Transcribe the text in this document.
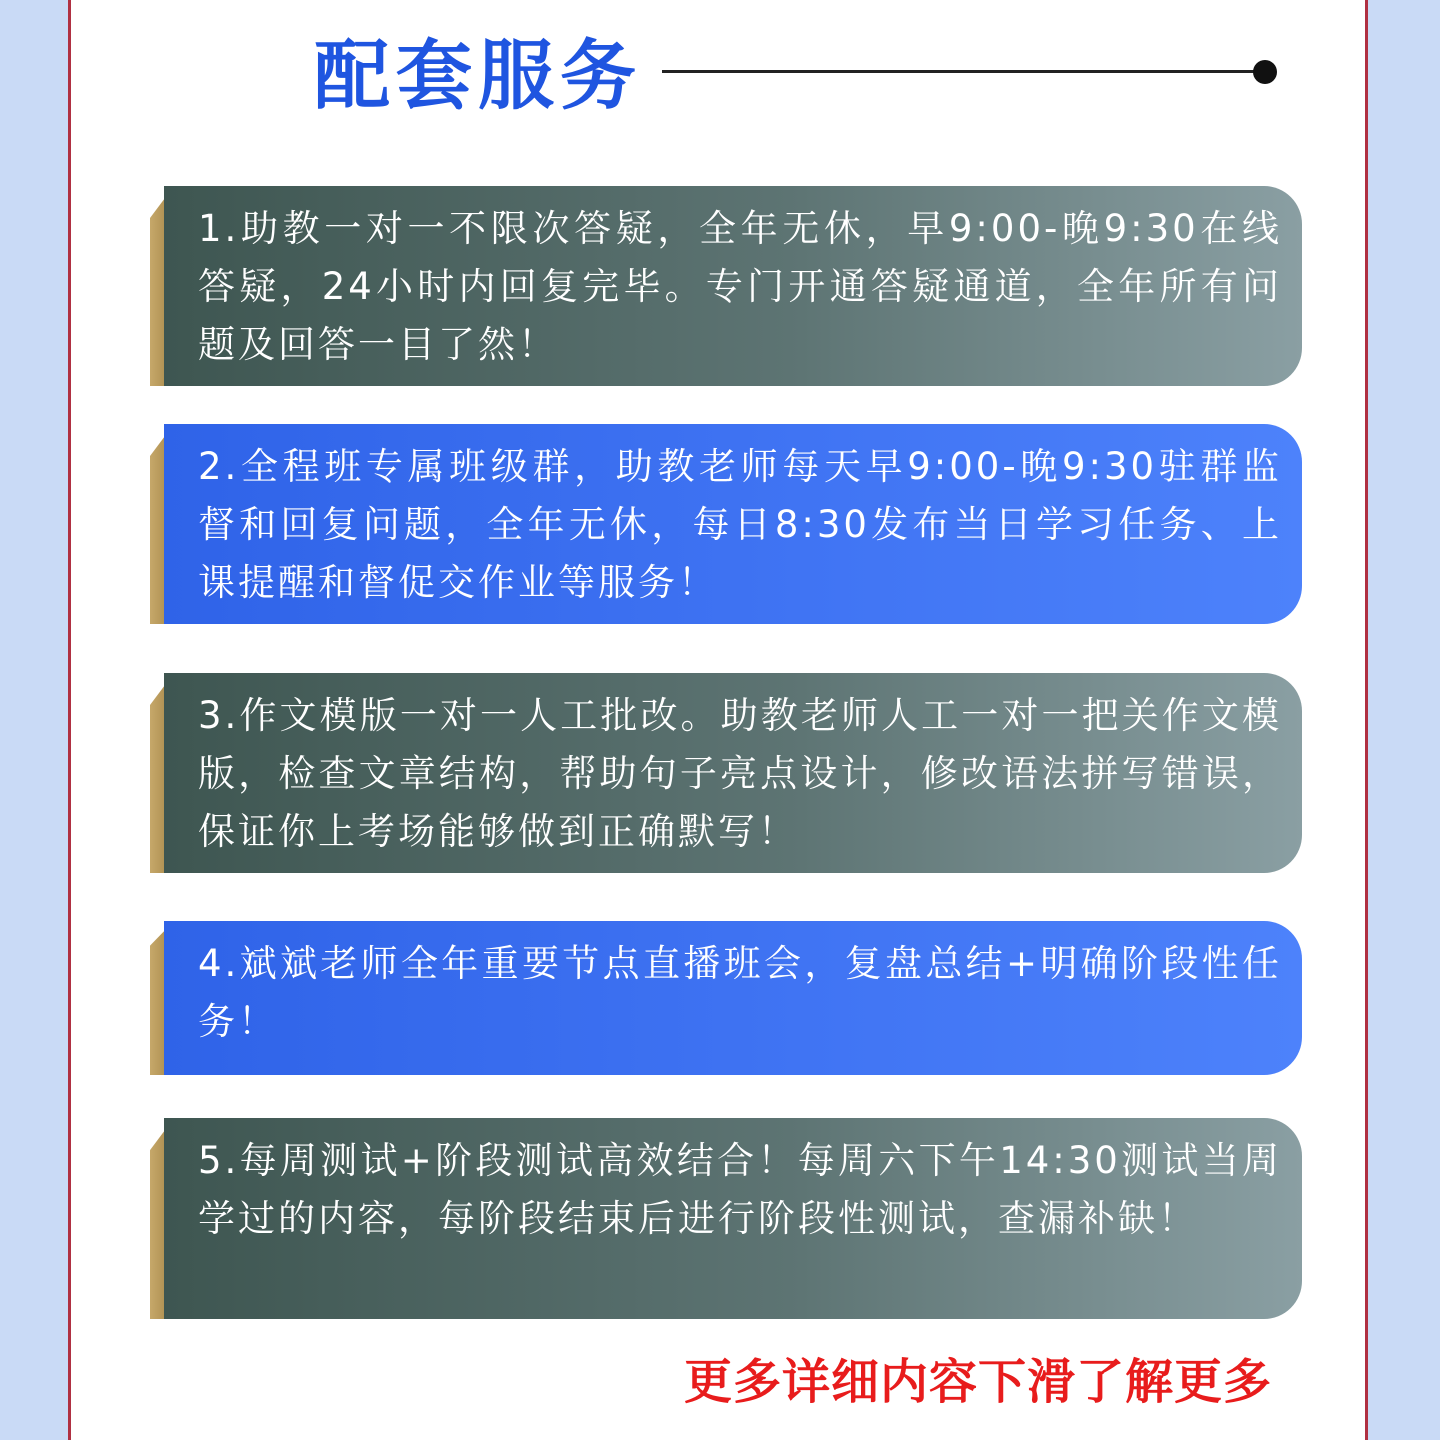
配套服务
1.助教一对一不限次答疑，全年无休，早9:00-晚9:30在线答疑，24小时内回复完毕。专门开通答疑通道，全年所有问题及回答一目了然！
2.全程班专属班级群，助教老师每天早9:00-晚9:30驻群监督和回复问题，全年无休，每日8:30发布当日学习任务、上课提醒和督促交作业等服务！
3.作文模版一对一人工批改。助教老师人工一对一把关作文模版，检查文章结构，帮助句子亮点设计，修改语法拼写错误，保证你上考场能够做到正确默写！
4.斌斌老师全年重要节点直播班会，复盘总结+明确阶段性任务！
5.每周测试+阶段测试高效结合！每周六下午14:30测试当周学过的内容，每阶段结束后进行阶段性测试，查漏补缺！
更多详细内容下滑了解更多
